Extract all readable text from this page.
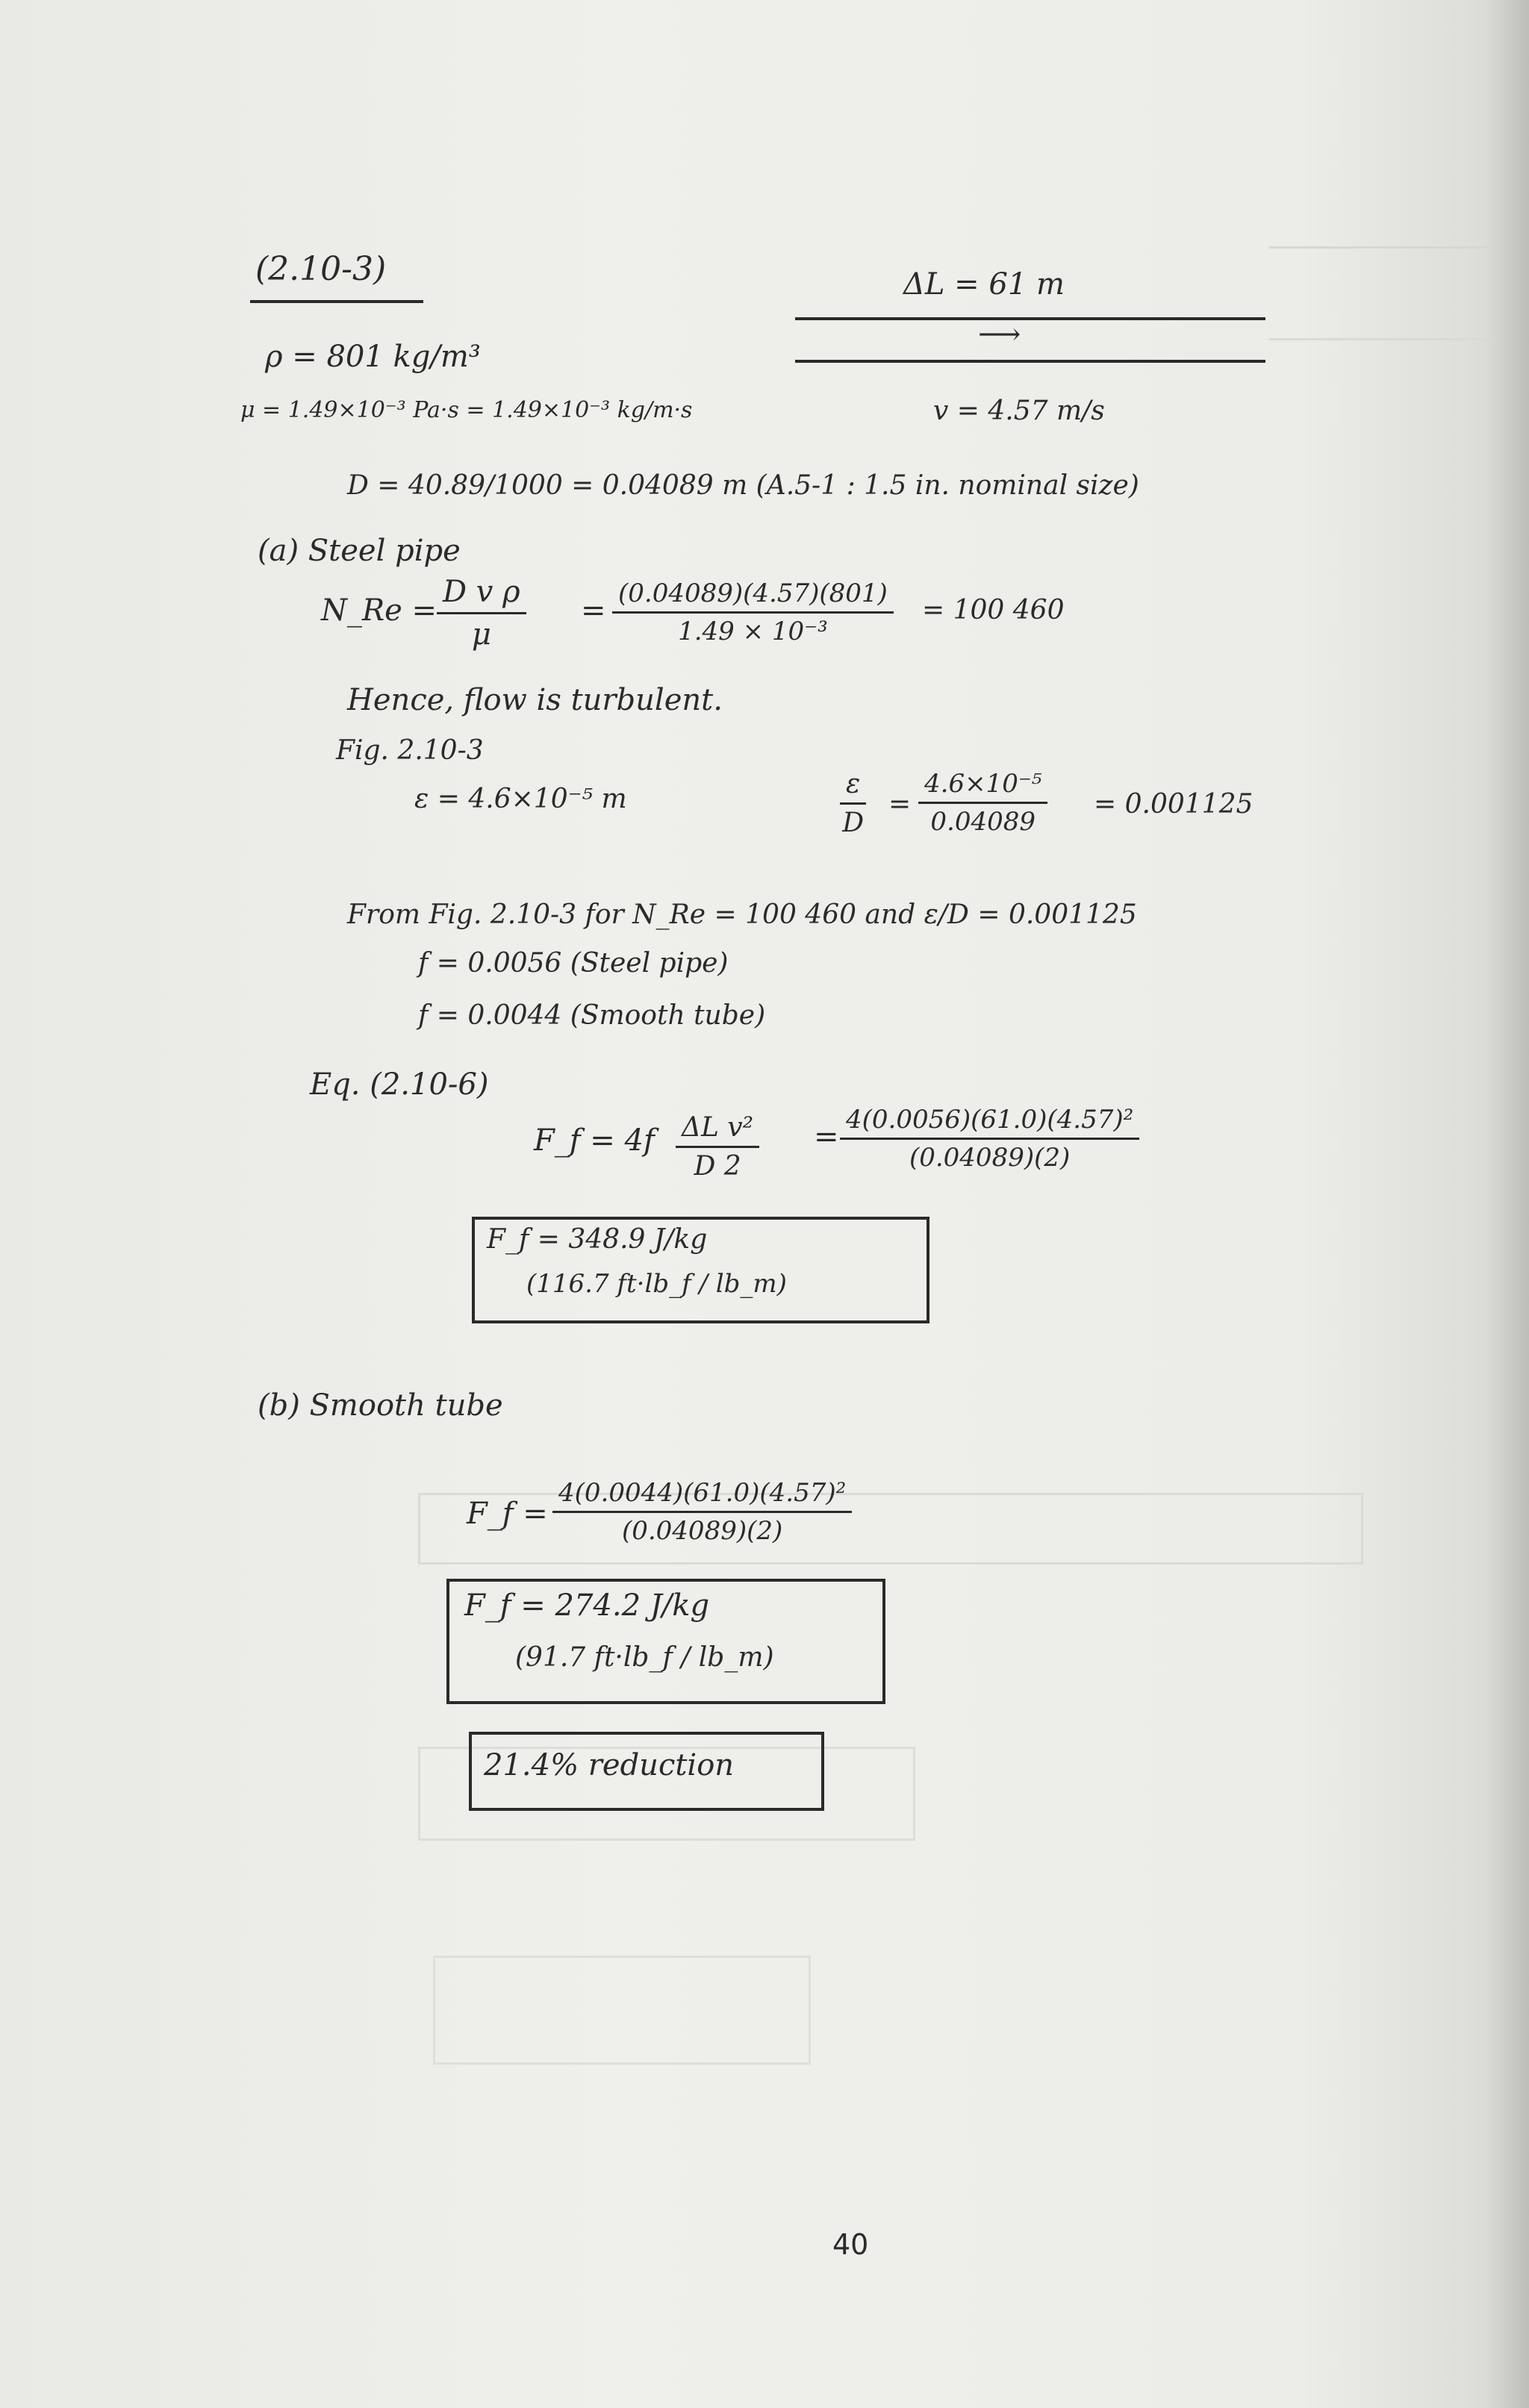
(2.10-3)	ΔL = 61 m
⟶
ρ = 801 kg/m³
μ = 1.49×10⁻³ Pa·s = 1.49×10⁻³ kg/m·s	v = 4.57 m/s
D = 40.89/1000 = 0.04089 m (A.5-1 : 1.5 in. nominal size)
(a) Steel pipe
N_Re = $\frac{\text{D v ρ}}{\mu} = \frac{(0.04089)(4.57)(801)}{\text{1.49 × 10⁻³}} = 100$ 460
Hence, flow is turbulent.
Fig. 2.10-3
ε = 4.6×10⁻⁵ m	$\frac{\varepsilon}{D} = \frac{\text{4.6×10⁻⁵}}{0.04089} = 0.001125$
From Fig. 2.10-3 for N_Re = 100 460 and ε/D = 0.001125
f = 0.0056 (Steel pipe)
f = 0.0044 (Smooth tube)
Eq. (2.10-6)
F_f = $4f \frac{\text{ΔL v²}}{D 2} = \frac{\text{4(0.0056)(61.0)(4.57)²}}{(0.04089)(2)}$
F_f = 348.9 J/kg
(116.7 ft·lb_f / lb_m)
(b) Smooth tube
F_f = $\frac{\text{4(0.0044)(61.0)(4.57)²}}{(0.04089)(2)}$
F_f = 274.2 J/kg
(91.7 ft·lb_f / lb_m)
21.4% reduction
40
